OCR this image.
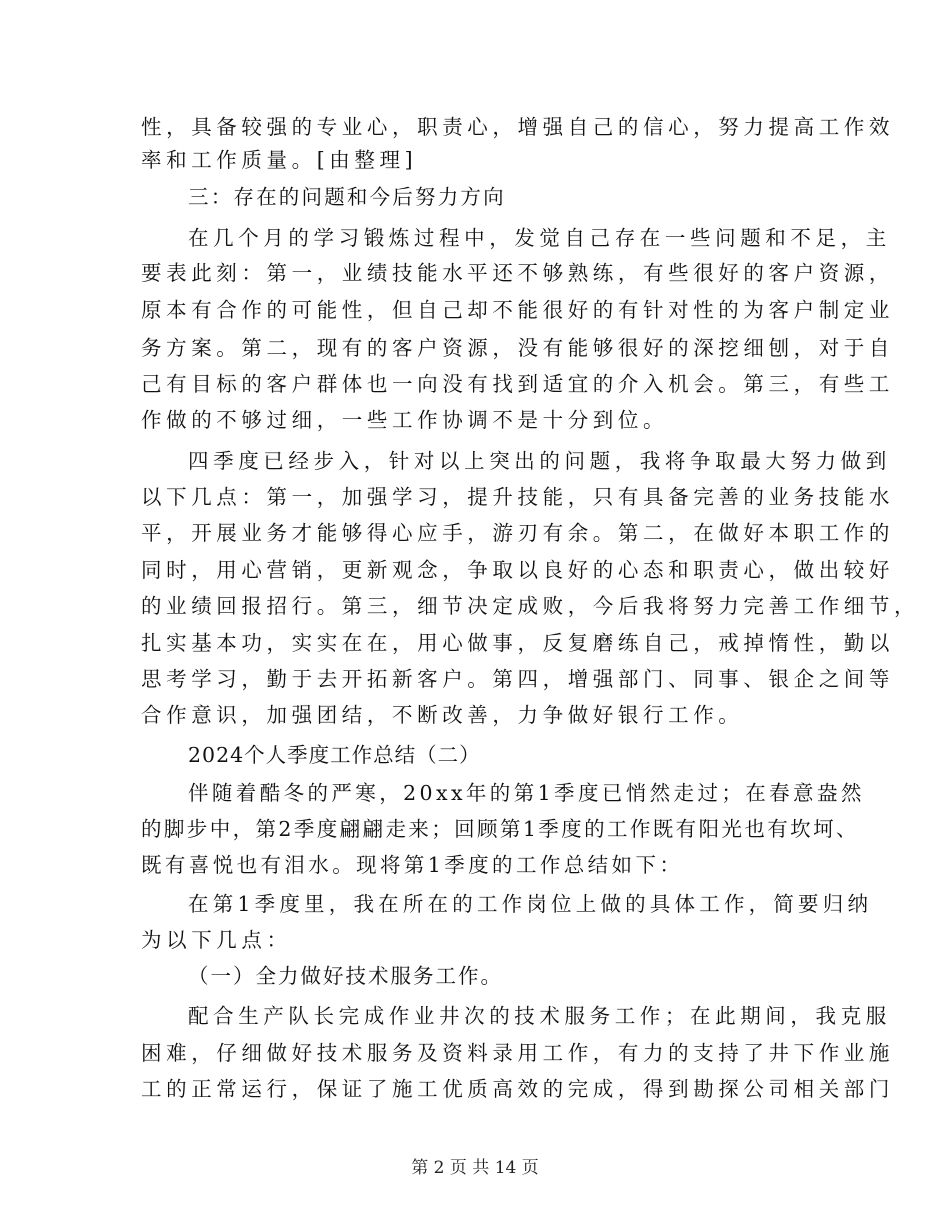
性，具备较强的专业心，职责心，增强自己的信心，努力提高工作效
率和工作质量。[由整理]
三：存在的问题和今后努力方向
在几个月的学习锻炼过程中，发觉自己存在一些问题和不足，主
要表此刻：第一，业绩技能水平还不够熟练，有些很好的客户资源，
原本有合作的可能性，但自己却不能很好的有针对性的为客户制定业
务方案。第二，现有的客户资源，没有能够很好的深挖细刨，对于自
己有目标的客户群体也一向没有找到适宜的介入机会。第三，有些工
作做的不够过细，一些工作协调不是十分到位。
四季度已经步入，针对以上突出的问题，我将争取最大努力做到
以下几点：第一，加强学习，提升技能，只有具备完善的业务技能水
平，开展业务才能够得心应手，游刃有余。第二，在做好本职工作的
同时，用心营销，更新观念，争取以良好的心态和职责心，做出较好
的业绩回报招行。第三，细节决定成败，今后我将努力完善工作细节，
扎实基本功，实实在在，用心做事，反复磨练自己，戒掉惰性，勤以
思考学习，勤于去开拓新客户。第四，增强部门、同事、银企之间等
合作意识，加强团结，不断改善，力争做好银行工作。
2024个人季度工作总结（二）
伴随着酷冬的严寒，20xx年的第1季度已悄然走过；在春意盎然
的脚步中，第2季度翩翩走来；回顾第1季度的工作既有阳光也有坎坷、
既有喜悦也有泪水。现将第1季度的工作总结如下：
在第1季度里，我在所在的工作岗位上做的具体工作，简要归纳
为以下几点：
（一）全力做好技术服务工作。
配合生产队长完成作业井次的技术服务工作；在此期间，我克服
困难，仔细做好技术服务及资料录用工作，有力的支持了井下作业施
工的正常运行，保证了施工优质高效的完成，得到勘探公司相关部门
第 2 页 共 14 页
